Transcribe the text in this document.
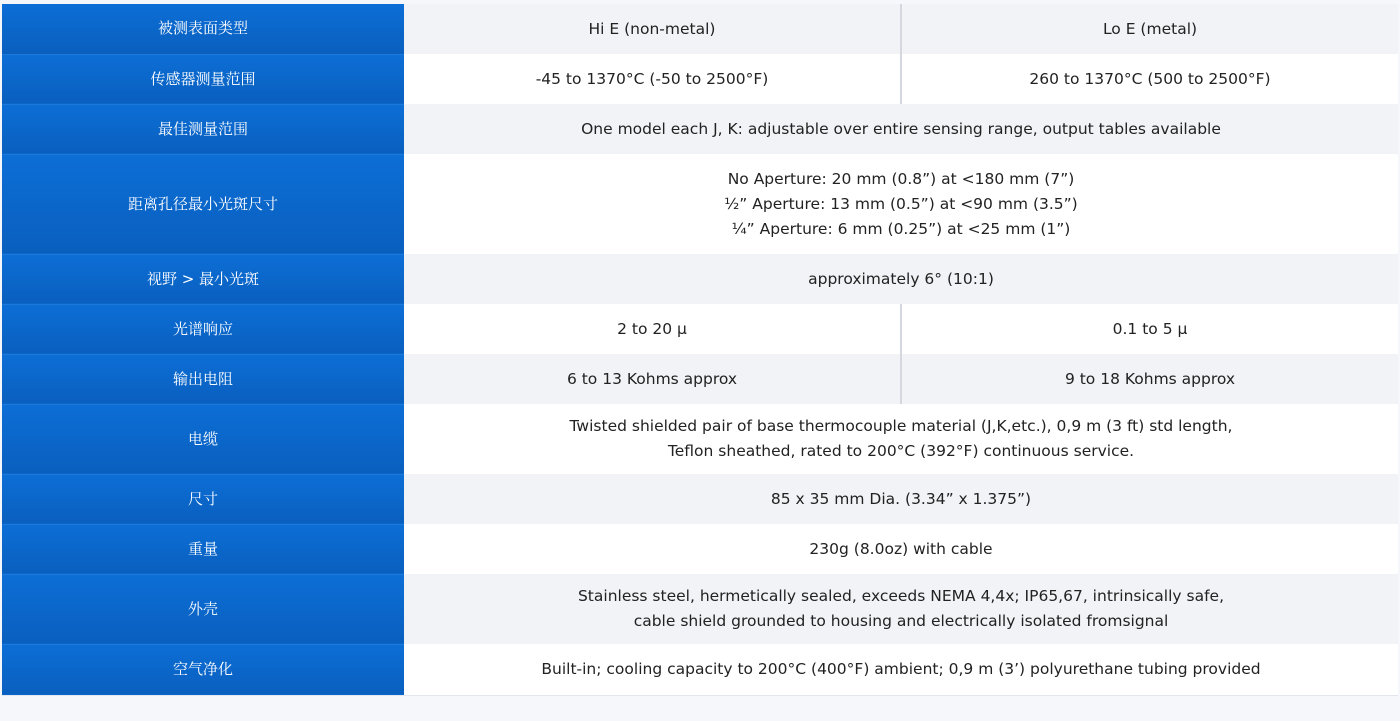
被测表面类型	Hi E (non-metal)	Lo E (metal)

传感器测量范围	-45 to 1370°C (-50 to 2500°F)	260 to 1370°C (500 to 2500°F)

最佳测量范围	One model each J, K: adjustable over entire sensing range, output tables available	

距离孔径最小光斑尺寸	No Aperture: 20 mm (0.8”) at <180 mm (7”)
½” Aperture: 13 mm (0.5”) at <90 mm (3.5”)
¼” Aperture: 6 mm (0.25”) at <25 mm (1”)	

视野 > 最小光斑	approximately 6° (10:1)	

光谱响应	2 to 20 μ	0.1 to 5 μ

输出电阻	6 to 13 Kohms approx	9 to 18 Kohms approx

电缆	Twisted shielded pair of base thermocouple material (J,K,etc.), 0,9 m (3 ft) std length,
Teflon sheathed, rated to 200°C (392°F) continuous service.	

尺寸	85 x 35 mm Dia. (3.34” x 1.375”)	

重量	230g (8.0oz) with cable	

外壳	Stainless steel, hermetically sealed, exceeds NEMA 4,4x; IP65,67, intrinsically safe,
cable shield grounded to housing and electrically isolated fromsignal	

空气净化	Built-in; cooling capacity to 200°C (400°F) ambient; 0,9 m (3’) polyurethane tubing provided	
